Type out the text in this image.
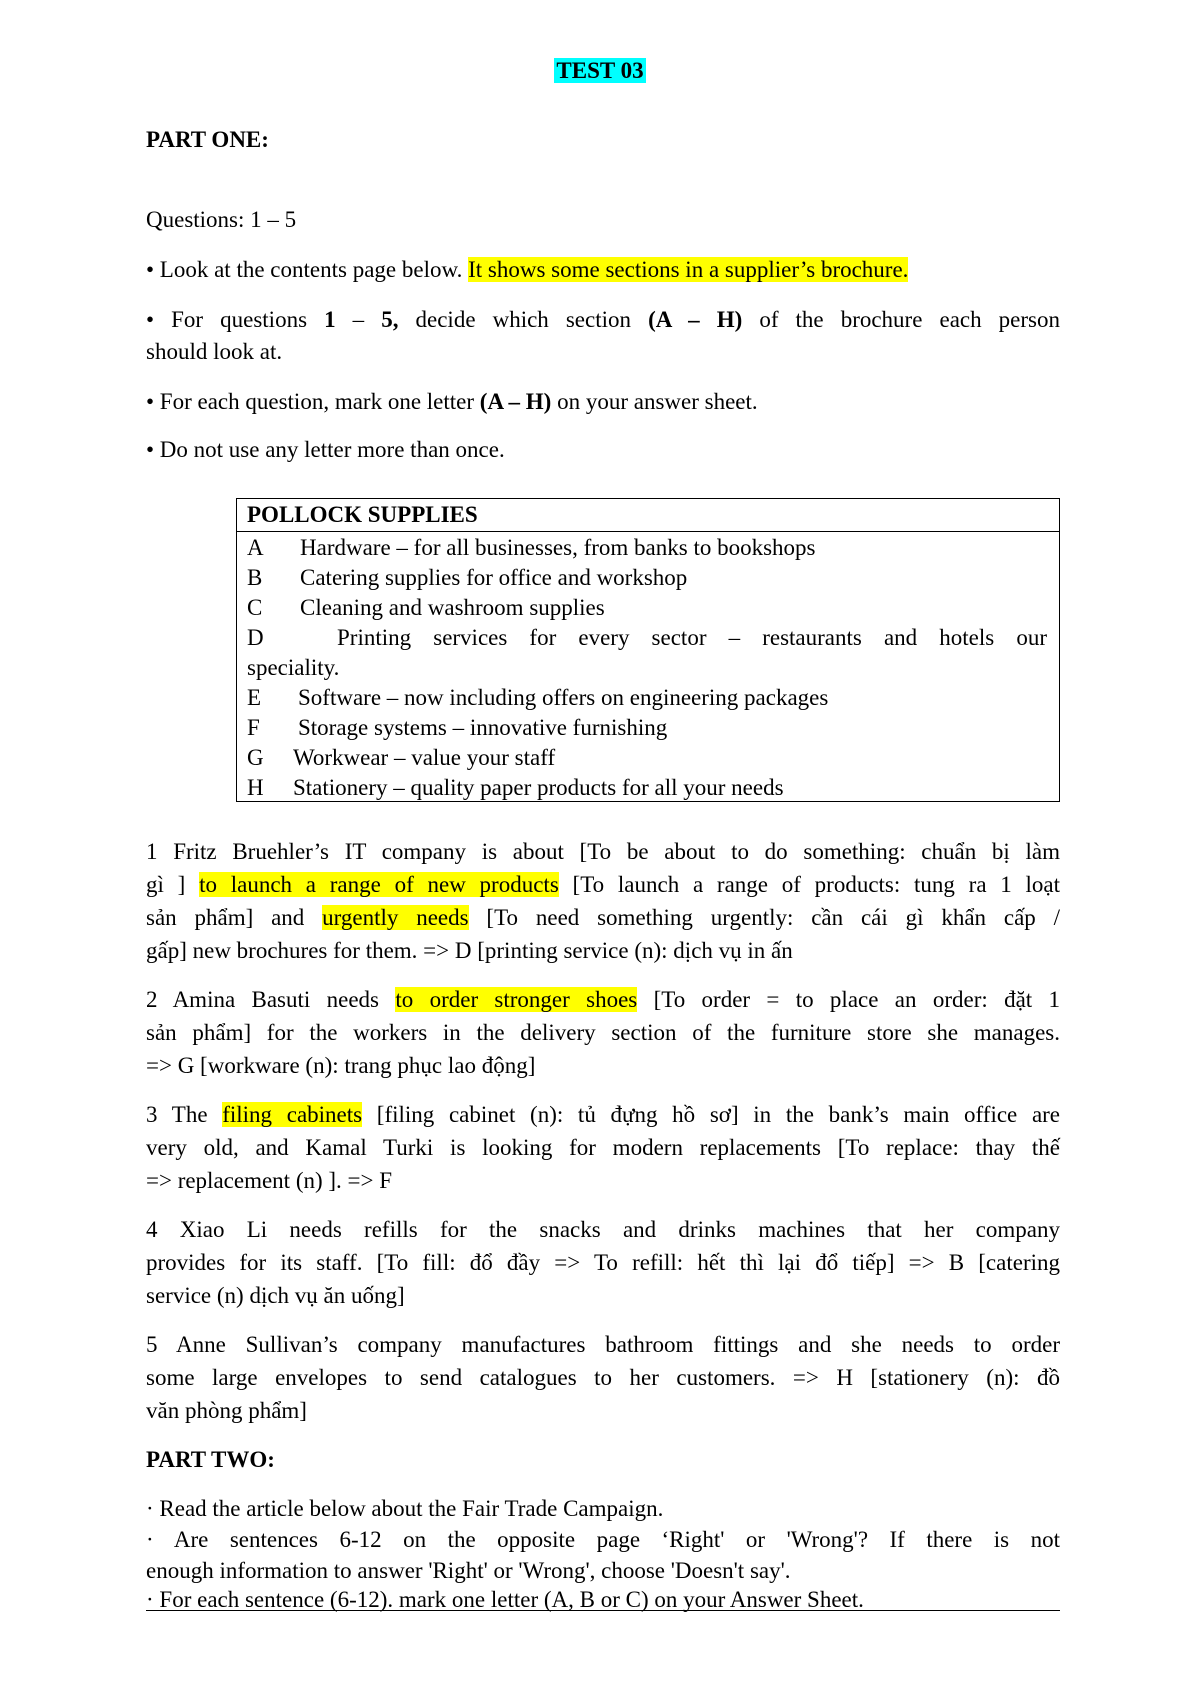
TEST 03
PART ONE:
Questions: 1 – 5
• Look at the contents page below. It shows some sections in a supplier’s brochure.
• For questions 1 – 5, decide which section (A – H) of the brochure each person
should look at.
• For each question, mark one letter (A – H) on your answer sheet.
• Do not use any letter more than once.
POLLOCK SUPPLIES
A Hardware – for all businesses, from banks to bookshops
B Catering supplies for office and workshop
C Cleaning and washroom supplies
D	Printing services for every sector – restaurants and hotels our
speciality.
E Software – now including offers on engineering packages
F Storage systems – innovative furnishing
G Workwear – value your staff
H Stationery – quality paper products for all your needs
1 Fritz Bruehler’s IT company is about [To be about to do something: chuẩn bị làm
gì ] to launch a range of new products [To launch a range of products: tung ra 1 loạt
sản phẩm] and urgently needs [To need something urgently: cần cái gì khẩn cấp /
gấp] new brochures for them. => D [printing service (n): dịch vụ in ấn
2 Amina Basuti needs to order stronger shoes [To order = to place an order: đặt 1
sản phẩm] for the workers in the delivery section of the furniture store she manages.
=> G [workware (n): trang phục lao động]
3 The filing cabinets [filing cabinet (n): tủ đựng hồ sơ] in the bank’s main office are
very old, and Kamal Turki is looking for modern replacements [To replace: thay thế
=> replacement (n) ]. => F
4 Xiao Li needs refills for the snacks and drinks machines that her company
provides for its staff. [To fill: đổ đầy => To refill: hết thì lại đổ tiếp] => B [catering
service (n) dịch vụ ăn uống]
5 Anne Sullivan’s company manufactures bathroom fittings and she needs to order
some large envelopes to send catalogues to her customers. => H [stationery (n): đồ
văn phòng phẩm]
PART TWO:
· Read the article below about the Fair Trade Campaign.
· Are sentences 6-12 on the opposite page ‘Right' or 'Wrong'? If there is not
enough information to answer 'Right' or 'Wrong', choose 'Doesn't say'.
· For each sentence (6-12). mark one letter (A, B or C) on your Answer Sheet.
